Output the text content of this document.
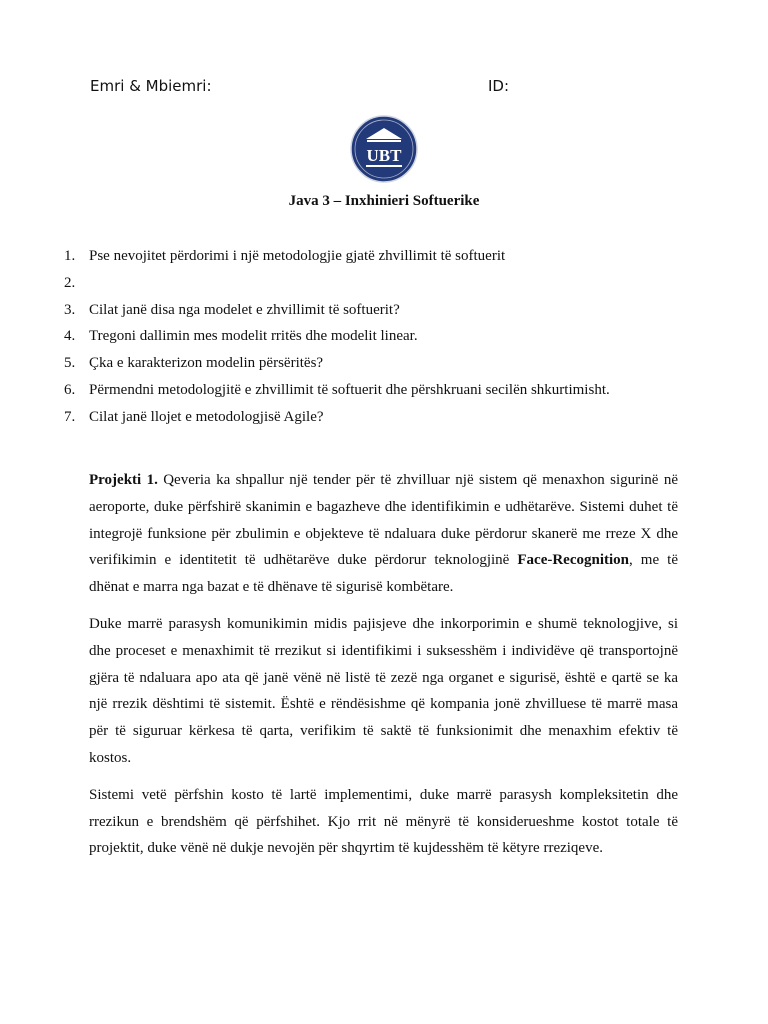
Emri & Mbiemri:	ID:
UBT
Java 3 – Inxhinieri Softuerike
1. Pse nevojitet përdorimi i një metodologjie gjatë zhvillimit të softuerit
2.
3. Cilat janë disa nga modelet e zhvillimit të softuerit?
4. Tregoni dallimin mes modelit rritës dhe modelit linear.
5. Çka e karakterizon modelin përsëritës?
6. Përmendni metodologjitë e zhvillimit të softuerit dhe përshkruani secilën shkurtimisht.
7. Cilat janë llojet e metodologjisë Agile?

Projekti 1. Qeveria ka shpallur një tender për të zhvilluar një sistem që menaxhon sigurinë në aeroporte, duke përfshirë skanimin e bagazheve dhe identifikimin e udhëtarëve. Sistemi duhet të integrojë funksione për zbulimin e objekteve të ndaluara duke përdorur skanerë me rreze X dhe verifikimin e identitetit të udhëtarëve duke përdorur teknologjinë Face-Recognition, me të dhënat e marra nga bazat e të dhënave të sigurisë kombëtare.

Duke marrë parasysh komunikimin midis pajisjeve dhe inkorporimin e shumë teknologjive, si dhe proceset e menaxhimit të rrezikut si identifikimi i suksesshëm i individëve që transportojnë gjëra të ndaluara apo ata që janë vënë në listë të zezë nga organet e sigurisë, është e qartë se ka një rrezik dështimi të sistemit. Është e rëndësishme që kompania jonë zhvilluese të marrë masa për të siguruar kërkesa të qarta, verifikim të saktë të funksionimit dhe menaxhim efektiv të kostos.

Sistemi vetë përfshin kosto të lartë implementimi, duke marrë parasysh kompleksitetin dhe rrezikun e brendshëm që përfshihet. Kjo rrit në mënyrë të konsiderueshme kostot totale të projektit, duke vënë në dukje nevojën për shqyrtim të kujdesshëm të këtyre rreziqeve.
